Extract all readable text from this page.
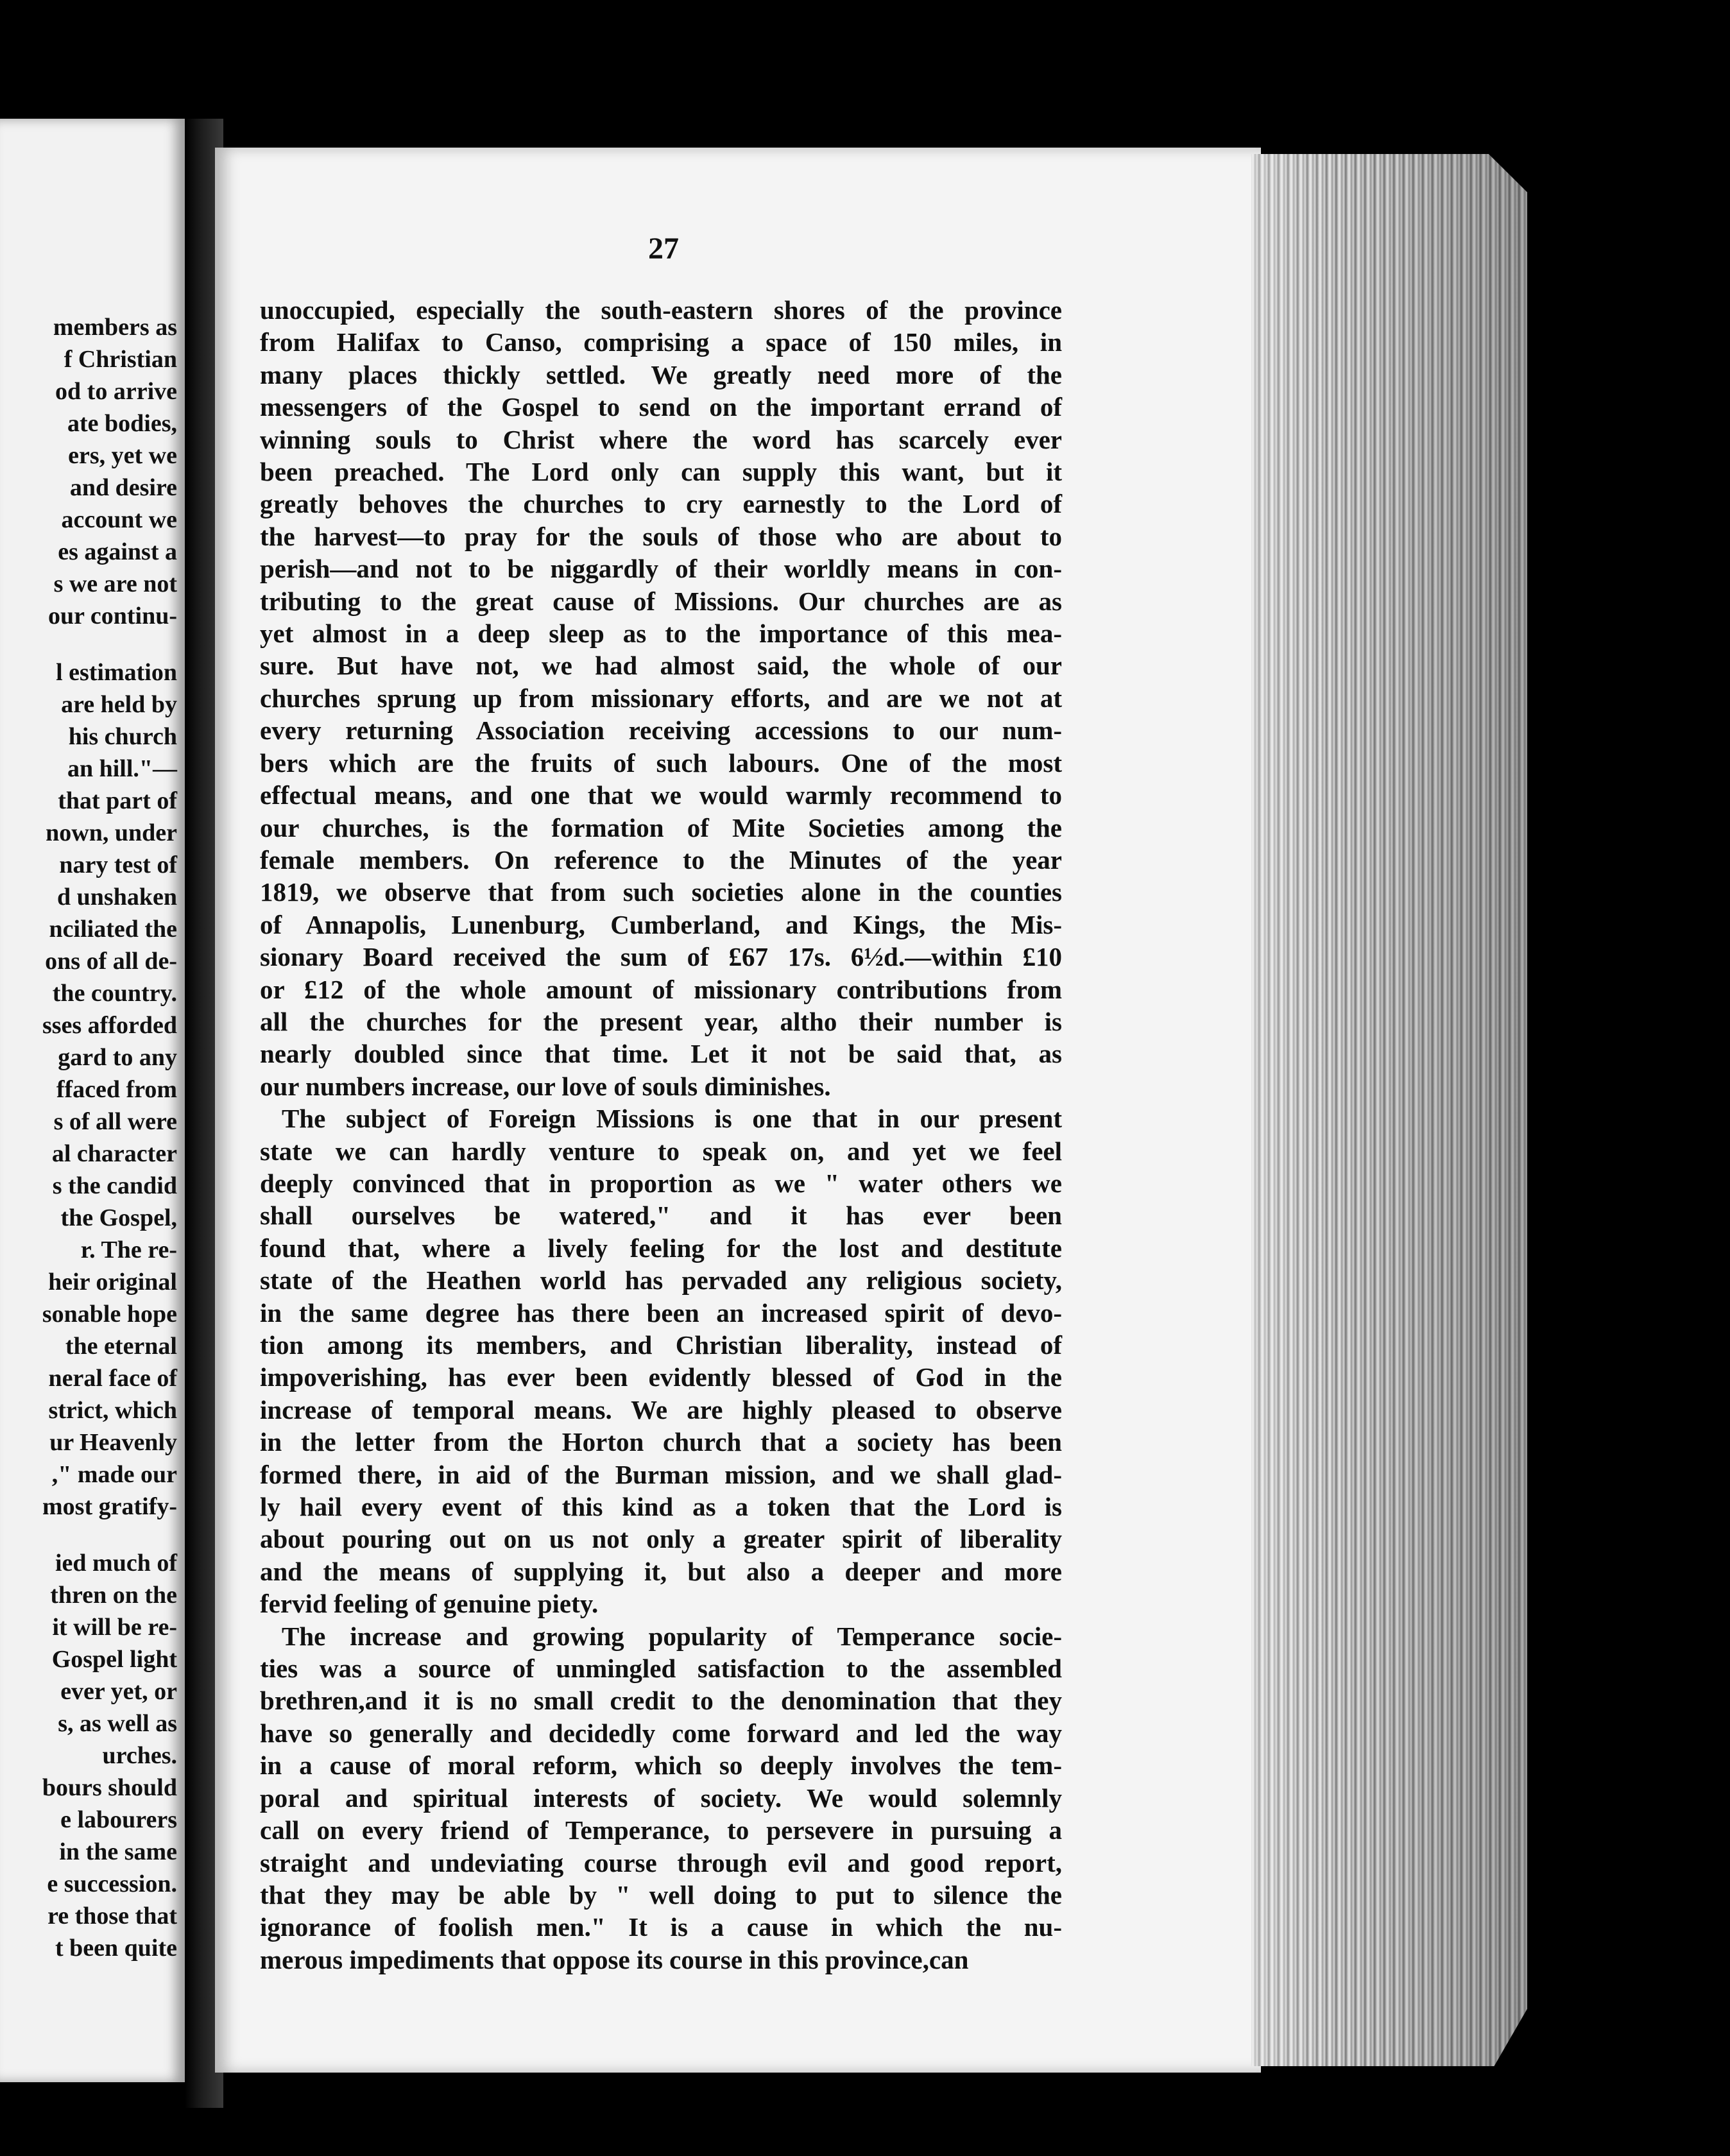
members as
f Christian
od to arrive
ate bodies,
ers, yet we
and desire
account we
es against a
s we are not
our continu-
l estimation
are held by
his church
an hill."—
that part of
nown, under
nary test of
d unshaken
nciliated the
ons of all de-
the country.
sses afforded
gard to any
ffaced from
s of all were
al character
s the candid
the Gospel,
r. The re-
heir original
sonable hope
the eternal
neral face of
strict, which
ur Heavenly
," made our
most gratify-
ied much of
thren on the
it will be re-
Gospel light
ever yet, or
s, as well as
urches.
bours should
e labourers
in the same
e succession.
re those that
t been quite
27
unoccupied, especially the south-eastern shores of the province
from Halifax to Canso, comprising a space of 150 miles, in
many places thickly settled. We greatly need more of the
messengers of the Gospel to send on the important errand of
winning souls to Christ where the word has scarcely ever
been preached. The Lord only can supply this want, but it
greatly behoves the churches to cry earnestly to the Lord of
the harvest—to pray for the souls of those who are about to
perish—and not to be niggardly of their worldly means in con-
tributing to the great cause of Missions. Our churches are as
yet almost in a deep sleep as to the importance of this mea-
sure. But have not, we had almost said, the whole of our
churches sprung up from missionary efforts, and are we not at
every returning Association receiving accessions to our num-
bers which are the fruits of such labours. One of the most
effectual means, and one that we would warmly recommend to
our churches, is the formation of Mite Societies among the
female members. On reference to the Minutes of the year
1819, we observe that from such societies alone in the counties
of Annapolis, Lunenburg, Cumberland, and Kings, the Mis-
sionary Board received the sum of £67 17s. 6½d.—within £10
or £12 of the whole amount of missionary contributions from
all the churches for the present year, altho their number is
nearly doubled since that time. Let it not be said that, as
our numbers increase, our love of souls diminishes.
The subject of Foreign Missions is one that in our present
state we can hardly venture to speak on, and yet we feel
deeply convinced that in proportion as we " water others we
shall ourselves be watered," and it has ever been
found that, where a lively feeling for the lost and destitute
state of the Heathen world has pervaded any religious society,
in the same degree has there been an increased spirit of devo-
tion among its members, and Christian liberality, instead of
impoverishing, has ever been evidently blessed of God in the
increase of temporal means. We are highly pleased to observe
in the letter from the Horton church that a society has been
formed there, in aid of the Burman mission, and we shall glad-
ly hail every event of this kind as a token that the Lord is
about pouring out on us not only a greater spirit of liberality
and the means of supplying it, but also a deeper and more
fervid feeling of genuine piety.
The increase and growing popularity of Temperance socie-
ties was a source of unmingled satisfaction to the assembled
brethren,and it is no small credit to the denomination that they
have so generally and decidedly come forward and led the way
in a cause of moral reform, which so deeply involves the tem-
poral and spiritual interests of society. We would solemnly
call on every friend of Temperance, to persevere in pursuing a
straight and undeviating course through evil and good report,
that they may be able by " well doing to put to silence the
ignorance of foolish men." It is a cause in which the nu-
merous impediments that oppose its course in this province,can
